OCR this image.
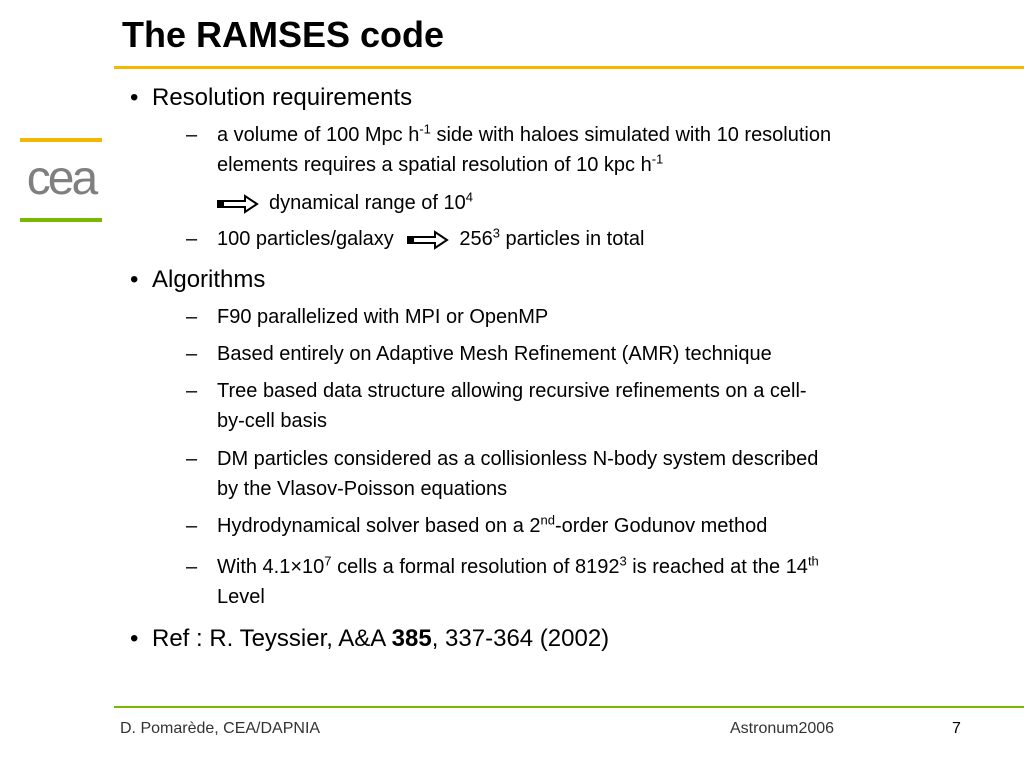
The RAMSES code
cea
• Resolution requirements
– a volume of 100 Mpc $h^{-1}$ side with haloes simulated with 10 resolution
elements requires a spatial resolution of 10 kpc $h^{-1}$
dynamical range of $10^4$
– 100 particles/galaxy	$256^3$ particles in total
• Algorithms
– F90 parallelized with MPI or OpenMP
– Based entirely on Adaptive Mesh Refinement (AMR) technique
– Tree based data structure allowing recursive refinements on a cell-
by-cell basis
– DM particles considered as a collisionless N-body system described
by the Vlasov-Poisson equations
– Hydrodynamical solver based on a 2nd-order Godunov method
– With $4.1\times 10^7$ cells a formal resolution of 8192$^3$ is reached at the 14th
Level
• Ref : R. Teyssier, A&A 385, 337-364 (2002)
D. Pomarède, CEA/DAPNIA	Astronum2006	7
